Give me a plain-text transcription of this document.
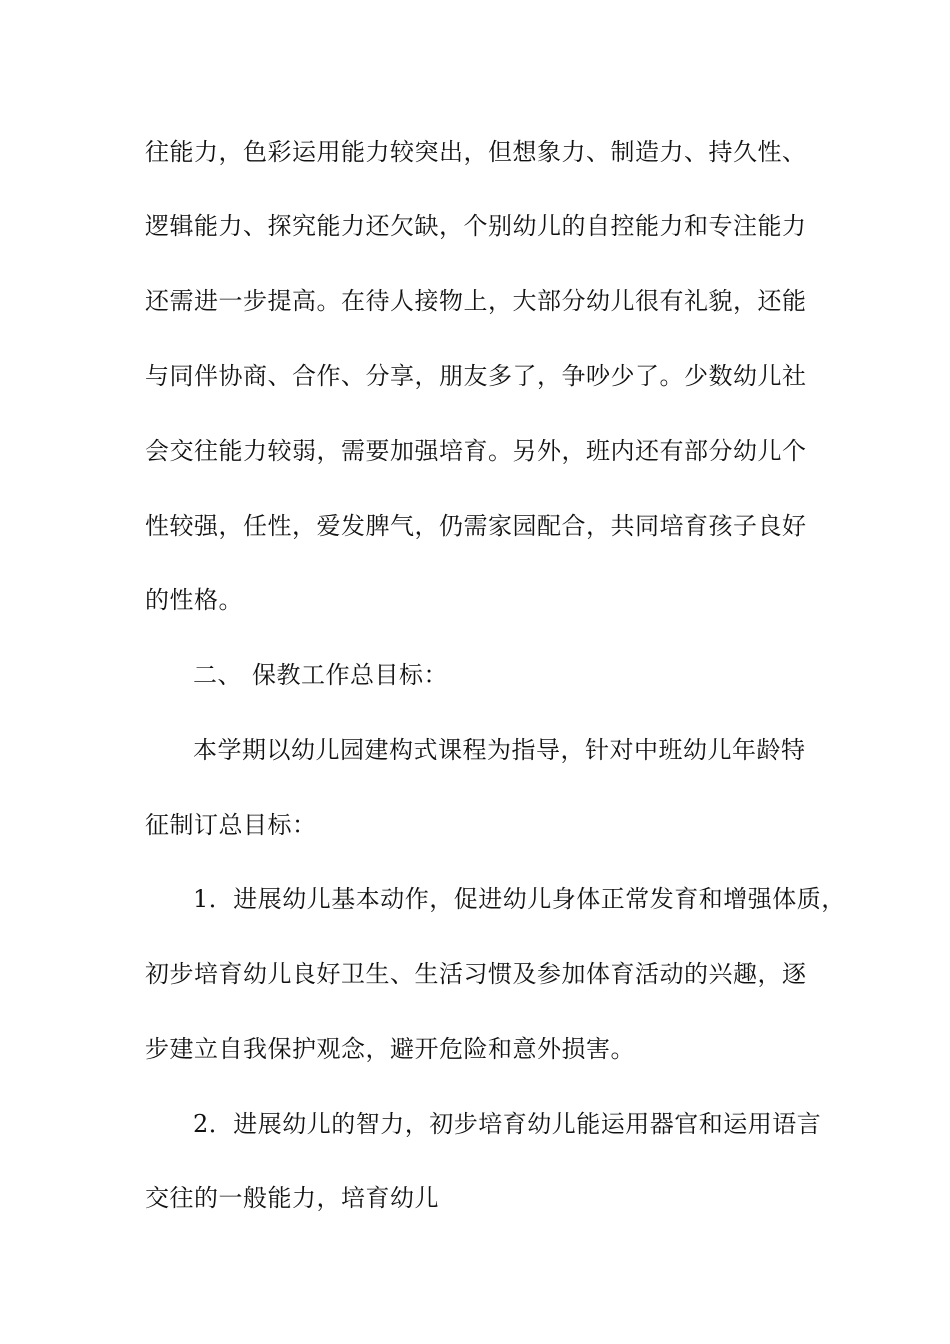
往能力，色彩运用能力较突出，但想象力、制造力、持久性、
逻辑能力、探究能力还欠缺，个别幼儿的自控能力和专注能力
还需进一步提高。在待人接物上，大部分幼儿很有礼貌，还能
与同伴协商、合作、分享，朋友多了，争吵少了。少数幼儿社
会交往能力较弱，需要加强培育。另外，班内还有部分幼儿个
性较强，任性，爱发脾气，仍需家园配合，共同培育孩子良好
的性格。
二、 保教工作总目标：
本学期以幼儿园建构式课程为指导，针对中班幼儿年龄特
征制订总目标：
1．进展幼儿基本动作，促进幼儿身体正常发育和增强体质，
初步培育幼儿良好卫生、生活习惯及参加体育活动的兴趣，逐
步建立自我保护观念，避开危险和意外损害。
2．进展幼儿的智力，初步培育幼儿能运用器官和运用语言
交往的一般能力，培育幼儿
